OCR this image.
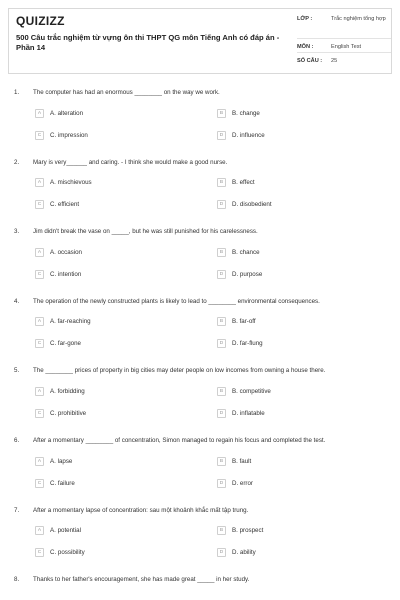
QUIZIZZ
500 Câu trắc nghiệm từ vựng ôn thi THPT QG môn Tiếng Anh có đáp án - Phần 14
LỚP :	Trắc nghiệm tổng hợp
MÔN :	English Test
SỐ CÂU :	25
1. The computer has had an enormous ________ on the way we work.
A	A. alteration	B	B. change
C	C. impression	D	D. influence
2. Mary is very______ and caring. - I think she would make a good nurse.
A	A. mischievous	B	B. effect
C	C. efficient	D	D. disobedient
3. Jim didn't break the vase on _____, but he was still punished for his carelessness.
A	A. occasion	B	B. chance
C	C. intention	D	D. purpose
4. The operation of the newly constructed plants is likely to lead to ________ environmental consequences.
A	A. far-reaching	B	B. far-off
C	C. far-gone	D	D. far-flung
5. The ________ prices of property in big cities may deter people on low incomes from owning a house there.
A	A. forbidding	B	B. competitive
C	C. prohibitive	D	D. inflatable
6. After a momentary ________ of concentration, Simon managed to regain his focus and completed the test.
A	A. lapse	B	B. fault
C	C. failure	D	D. error
7. After a momentary lapse of concentration: sau một khoảnh khắc mất tập trung.
A	A. potential	B	B. prospect
C	C. possibility	D	D. ability
8. Thanks to her father's encouragement, she has made great _____ in her study.
